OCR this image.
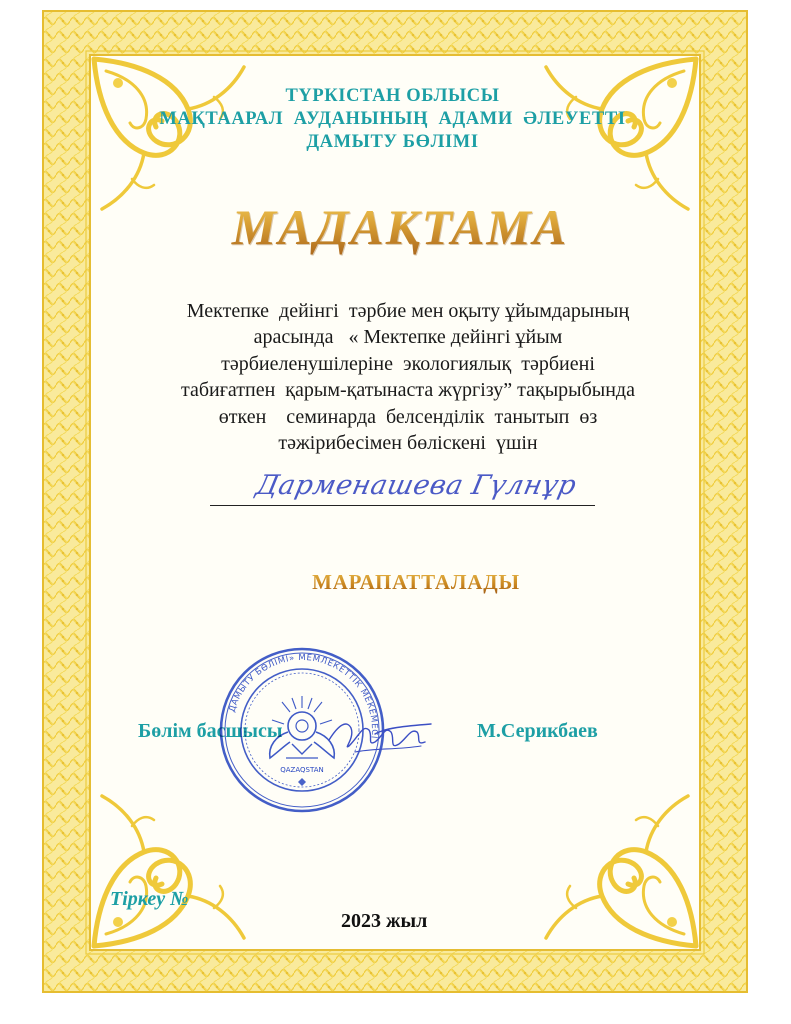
ТҮРКІСТАН ОБЛЫСЫ
МАҚТААРАЛ  АУДАНЫНЫҢ  АДАМИ  ӘЛЕУЕТТІ
ДАМЫТУ БӨЛІМІ
МАДАҚТАМА
Мектепке  дейінгі  тәрбие мен оқыту ұйымдарының
арасында   « Мектепке дейінгі ұйым
тәрбиеленушілеріне  экологиялық  тәрбиені
табиғатпен  қарым-қатынаста жүргізу” тақырыбында
өткен    семинарда  белсенділік  танытып  өз
тәжірибесімен бөліскені  үшін
Дарменашева Гүлнұр
МАРАПАТТАЛАДЫ
Бөлім басшысы	М.Серикбаев
ДАМЫТУ БӨЛІМІ» МЕМЛЕКЕТТІК МЕКЕМЕСІ
QAZAQSTAN
Тіркеу №
2023 жыл
